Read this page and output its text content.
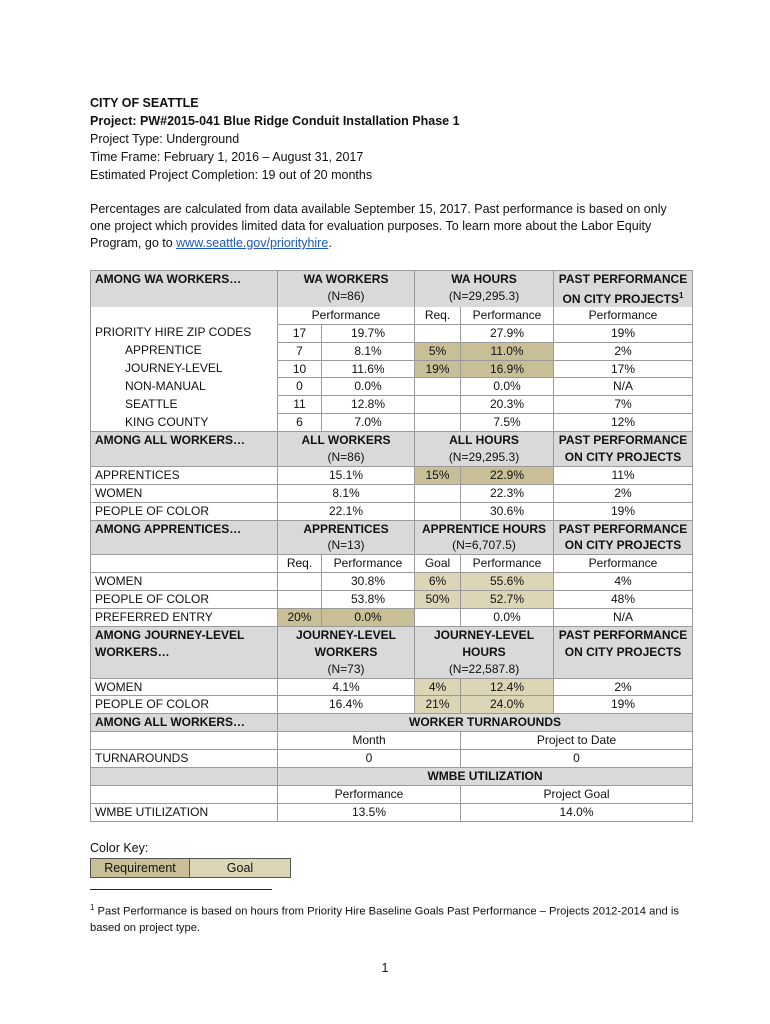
CITY OF SEATTLE
Project: PW#2015-041 Blue Ridge Conduit Installation Phase 1
Project Type: Underground
Time Frame: February 1, 2016 – August 31, 2017
Estimated Project Completion: 19 out of 20 months
Percentages are calculated from data available September 15, 2017. Past performance is based on only one project which provides limited data for evaluation purposes. To learn more about the Labor Equity Program, go to www.seattle.gov/priorityhire.
AMONG WA WORKERS…	WA WORKERS		WA HOURS		PAST PERFORMANCE
	(N=86)		(N=29,295.3)		ON CITY PROJECTS$^1$
	Performance		Req.	Performance	Performance
PRIORITY HIRE ZIP CODES	17	19.7%		27.9%	19%
APPRENTICE	7	8.1%	5%	11.0%	2%
JOURNEY-LEVEL	10	11.6%	19%	16.9%	17%
NON-MANUAL	0	0.0%		0.0%	N/A
SEATTLE	11	12.8%		20.3%	7%
KING COUNTY	6	7.0%		7.5%	12%
AMONG ALL WORKERS…	ALL WORKERS		ALL HOURS		PAST PERFORMANCE
	(N=86)		(N=29,295.3)		ON CITY PROJECTS
APPRENTICES	15.1%		15%	22.9%	11%
WOMEN	8.1%			22.3%	2%
PEOPLE OF COLOR	22.1%			30.6%	19%
AMONG APPRENTICES…	APPRENTICES		APPRENTICE HOURS		PAST PERFORMANCE
	(N=13)		(N=6,707.5)		ON CITY PROJECTS
	Req.	Performance	Goal	Performance	Performance
WOMEN		30.8%	6%	55.6%	4%
PEOPLE OF COLOR		53.8%	50%	52.7%	48%
PREFERRED ENTRY	20%	0.0%		0.0%	N/A
AMONG JOURNEY-LEVEL	JOURNEY-LEVEL		JOURNEY-LEVEL		PAST PERFORMANCE
WORKERS…	WORKERS		HOURS		ON CITY PROJECTS
	(N=73)		(N=22,587.8)		
WOMEN	4.1%		4%	12.4%	2%
PEOPLE OF COLOR	16.4%		21%	24.0%	19%
AMONG ALL WORKERS…	WORKER TURNAROUNDS				
	Month			Project to Date	
TURNAROUNDS	0			0	
	WMBE UTILIZATION				
	Performance			Project Goal	
WMBE UTILIZATION	13.5%			14.0%	
Color Key:
Requirement	Goal
$^1$ Past Performance is based on hours from Priority Hire Baseline Goals Past Performance – Projects 2012-2014 and is based on project type.
1
